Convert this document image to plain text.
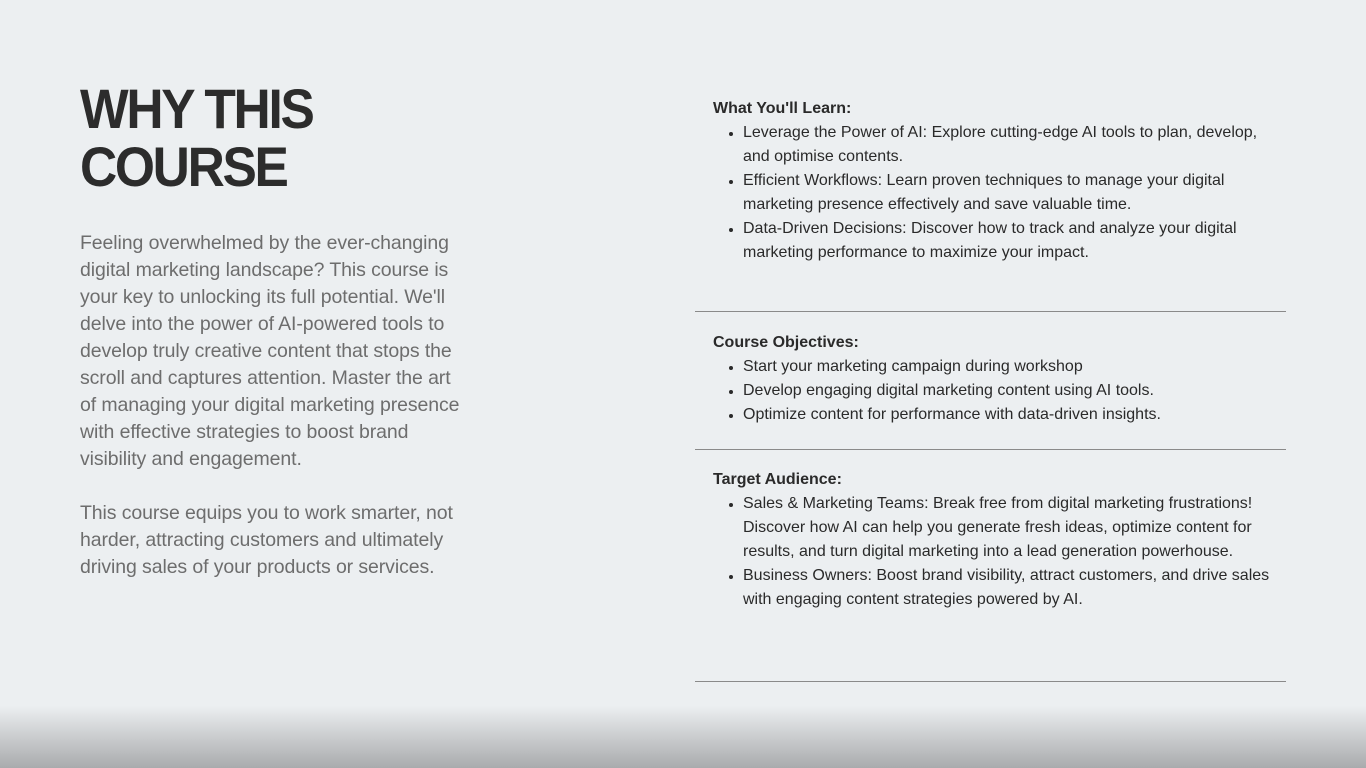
WHY THIS
COURSE

Feeling overwhelmed by the ever-changing digital marketing landscape? This course is your key to unlocking its full potential. We'll delve into the power of AI-powered tools to develop truly creative content that stops the scroll and captures attention. Master the art of managing your digital marketing presence with effective strategies to boost brand visibility and engagement.

This course equips you to work smarter, not harder, attracting customers and ultimately driving sales of your products or services.

What You'll Learn:
Leverage the Power of AI: Explore cutting-edge AI tools to plan, develop, and optimise contents.
Efficient Workflows: Learn proven techniques to manage your digital marketing presence effectively and save valuable time.
Data-Driven Decisions: Discover how to track and analyze your digital marketing performance to maximize your impact.
Course Objectives:
Start your marketing campaign during workshop
Develop engaging digital marketing content using AI tools.
Optimize content for performance with data-driven insights.
Target Audience:
Sales & Marketing Teams: Break free from digital marketing frustrations! Discover how AI can help you generate fresh ideas, optimize content for results, and turn digital marketing into a lead generation powerhouse.
Business Owners: Boost brand visibility, attract customers, and drive sales with engaging content strategies powered by AI.
